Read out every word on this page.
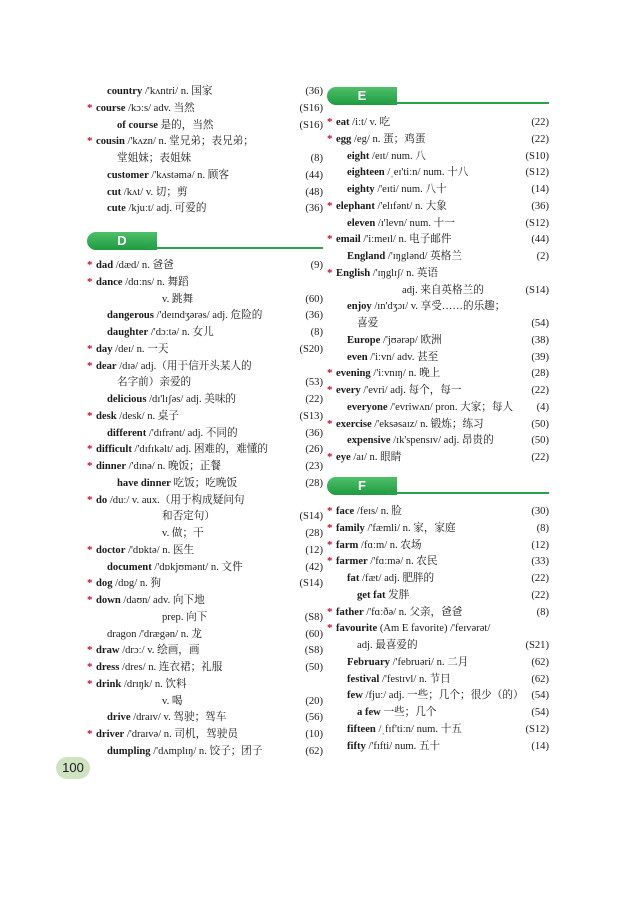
D
country /'kʌntri/ n. 国家	(36)
* course /kɔːs/ adv. 当然	(S16)
of course 是的，当然	(S16)
* cousin /'kʌzn/ n. 堂兄弟；表兄弟；
堂姐妹；表姐妹	(8)
customer /'kʌstəmə/ n. 顾客	(44)
cut /kʌt/ v. 切；剪	(48)
cute /kjuːt/ adj. 可爱的	(36)
* dad /dæd/ n. 爸爸	(9)
* dance /dɑːns/ n. 舞蹈
v. 跳舞	(60)
dangerous /'deɪndʒərəs/ adj. 危险的	(36)
daughter /'dɔːtə/ n. 女儿	(8)
* day /deɪ/ n. 一天	(S20)
* dear /dɪə/ adj.（用于信开头某人的
名字前）亲爱的	(53)
delicious /dɪ'lɪʃəs/ adj. 美味的	(22)
* desk /desk/ n. 桌子	(S13)
different /'dɪfrənt/ adj. 不同的	(36)
* difficult /'dɪfɪkəlt/ adj. 困难的，难懂的	(26)
* dinner /'dɪnə/ n. 晚饭；正餐	(23)
have dinner 吃饭；吃晚饭	(28)
* do /duː/ v. aux.（用于构成疑问句
和否定句）	(S14)
v. 做；干	(28)
* doctor /'dɒktə/ n. 医生	(12)
document /'dɒkjʊmənt/ n. 文件	(42)
* dog /dɒg/ n. 狗	(S14)
* down /daʊn/ adv. 向下地
prep. 向下	(S8)
dragon /'drægən/ n. 龙	(60)
* draw /drɔː/ v. 绘画，画	(S8)
* dress /dres/ n. 连衣裙；礼服	(50)
* drink /drɪŋk/ n. 饮料
v. 喝	(20)
drive /draɪv/ v. 驾驶；驾车	(56)
* driver /'draɪvə/ n. 司机，驾驶员	(10)
dumpling /'dʌmplɪŋ/ n. 饺子；团子	(62)
E
F
* eat /iːt/ v. 吃	(22)
* egg /eg/ n. 蛋；鸡蛋	(22)
eight /eɪt/ num. 八	(S10)
eighteen /ˌeɪ'tiːn/ num. 十八	(S12)
eighty /'eɪti/ num. 八十	(14)
* elephant /'elɪfənt/ n. 大象	(36)
eleven /ɪ'levn/ num. 十一	(S12)
* email /'iːmeɪl/ n. 电子邮件	(44)
England /'ɪŋglənd/ 英格兰	(2)
* English /'ɪŋglɪʃ/ n. 英语
adj. 来自英格兰的	(S14)
enjoy /ɪn'dʒɔɪ/ v. 享受……的乐趣；
喜爱	(54)
Europe /'jʊərəp/ 欧洲	(38)
even /'iːvn/ adv. 甚至	(39)
* evening /'iːvnɪŋ/ n. 晚上	(28)
* every /'evri/ adj. 每个，每一	(22)
everyone /'evriwʌn/ pron. 大家；每人 (4)
* exercise /'eksəsaɪz/ n. 锻炼；练习	(50)
expensive /ɪk'spensɪv/ adj. 昂贵的	(50)
* eye /aɪ/ n. 眼睛	(22)
* face /feɪs/ n. 脸	(30)
* family /'fæmli/ n. 家，家庭	(8)
* farm /fɑːm/ n. 农场	(12)
* farmer /'fɑːmə/ n. 农民	(33)
fat /fæt/ adj. 肥胖的	(22)
get fat 发胖	(22)
* father /'fɑːðə/ n. 父亲，爸爸	(8)
* favourite (Am E favorite) /'feɪvərət/
adj. 最喜爱的	(S21)
February /'februəri/ n. 二月	(62)
festival /'festɪvl/ n. 节日	(62)
few /fjuː/ adj. 一些；几个；很少（的） (54)
a few 一些；几个	(54)
fifteen /ˌfɪf'tiːn/ num. 十五	(S12)
fifty /'fɪfti/ num. 五十	(14)
100
